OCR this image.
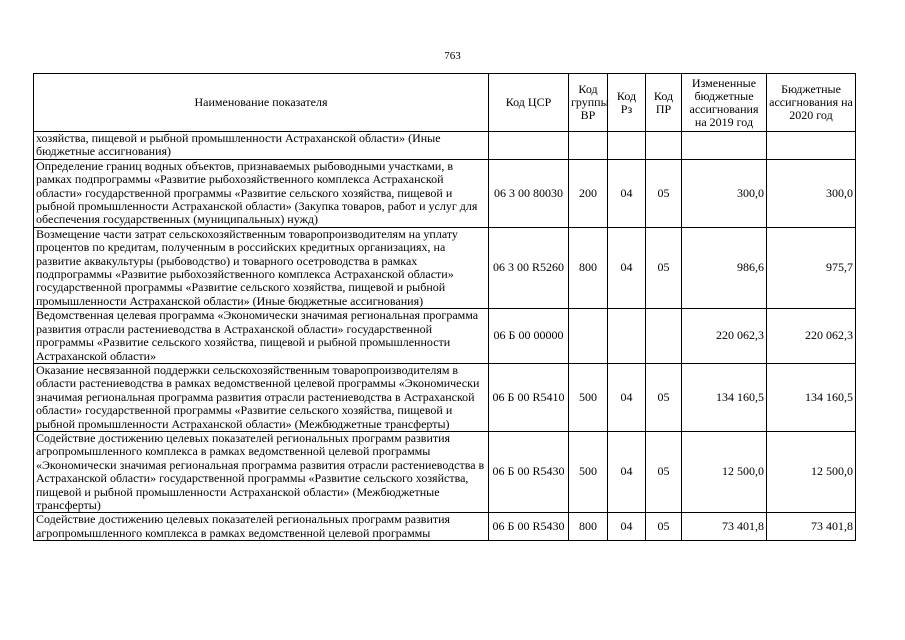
763
Наименование показателя	Код ЦСР	Код группы ВР	Код Рз	Код ПР	Измененные бюджетные ассигнования на 2019 год	Бюджетные ассигнования на 2020 год
хозяйства, пищевой и рыбной промышленности Астраханской области» (Иные бюджетные ассигнования)						
Определение границ водных объектов, признаваемых рыбоводными участками, в рамках подпрограммы «Развитие рыбохозяйственного комплекса Астраханской области» государственной программы «Развитие сельского хозяйства, пищевой и рыбной промышленности Астраханской области» (Закупка товаров, работ и услуг для обеспечения государственных (муниципальных) нужд)	06 3 00 80030	200	04	05	300,0	300,0
Возмещение части затрат сельскохозяйственным товаропроизводителям на уплату процентов по кредитам, полученным в российских кредитных организациях, на развитие аквакультуры (рыбоводство) и товарного осетроводства в рамках подпрограммы «Развитие рыбохозяйственного комплекса Астраханской области» государственной программы «Развитие сельского хозяйства, пищевой и рыбной промышленности Астраханской области» (Иные бюджетные ассигнования)	06 3 00 R5260	800	04	05	986,6	975,7
Ведомственная целевая программа «Экономически значимая региональная программа развития отрасли растениеводства в Астраханской области» государственной программы «Развитие сельского хозяйства, пищевой и рыбной промышленности Астраханской области»	06 Б 00 00000				220 062,3	220 062,3
Оказание несвязанной поддержки сельскохозяйственным товаропроизводителям в области растениеводства в рамках ведомственной целевой программы «Экономически значимая региональная программа развития отрасли растениеводства в Астраханской области» государственной программы «Развитие сельского хозяйства, пищевой и рыбной промышленности Астраханской области» (Межбюджетные трансферты)	06 Б 00 R5410	500	04	05	134 160,5	134 160,5
Содействие достижению целевых показателей региональных программ развития агропромышленного комплекса в рамках ведомственной целевой программы «Экономически значимая региональная программа развития отрасли растениеводства в Астраханской области» государственной программы «Развитие сельского хозяйства, пищевой и рыбной промышленности Астраханской области» (Межбюджетные трансферты)	06 Б 00 R5430	500	04	05	12 500,0	12 500,0
Содействие достижению целевых показателей региональных программ развития агропромышленного комплекса в рамках ведомственной целевой программы	06 Б 00 R5430	800	04	05	73 401,8	73 401,8
